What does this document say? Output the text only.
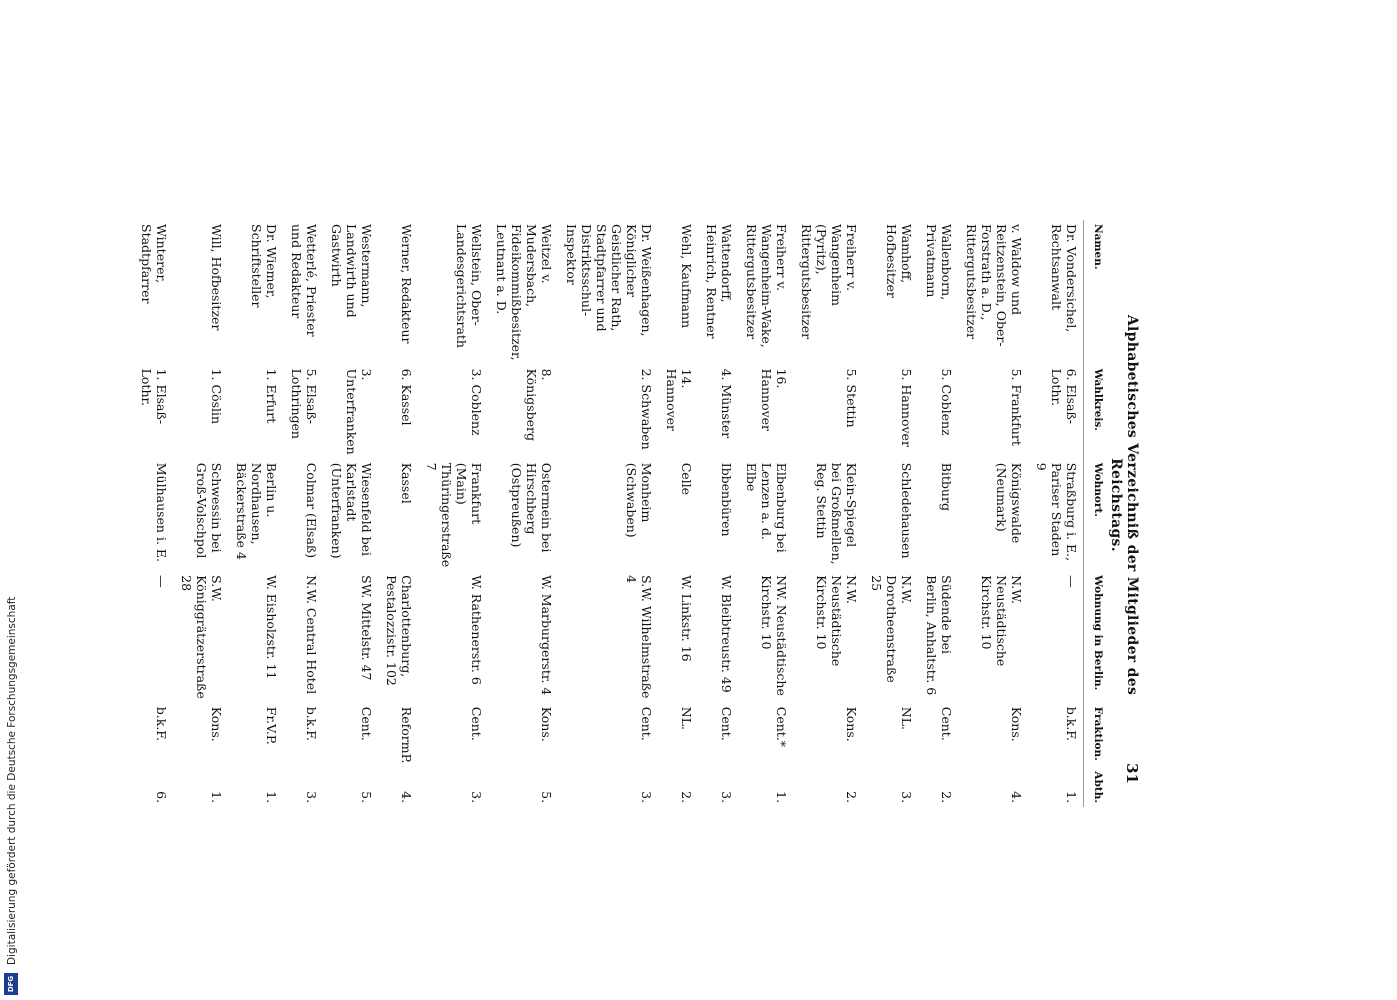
Digitalisierung gefördert durch die Deutsche Forschungsgemeinschaft
DFG
Alphabetisches Verzeichniß der Mitglieder des Reichstags.
31
Namen.	Wahlkreis.	Wohnort.	Wohnung in Berlin.	Fraktion.	Abth.
Dr. Vondersichel, Rechtsanwalt	6. Elsaß-Lothr.	Straßburg i. E., Pariser Staden 9	—	b.k.F.	1.
v. Waldow und Reitzenstein, Ober-Forstrath a. D., Rittergutsbesitzer	5. Frankfurt	Königswalde (Neumark)	N.W. Neustädtische Kirchstr. 10	Kons.	4.
Wallenborn, Privatmann	5. Coblenz	Bitburg	Südende bei Berlin, Anhaltstr. 6	Cent.	2.
Wamhoff, Hofbesitzer	5. Hannover	Schledehausen	N.W. Dorotheenstraße 25	NL.	3.
Freiherr v. Wangenheim (Pyritz), Rittergutsbesitzer	5. Stettin	Klein-Spiegel bei Großmellen, Reg. Stettin	N.W. Neustädtische Kirchstr. 10	Kons.	2.
Freiherr v. Wangenheim-Wake, Rittergutsbesitzer	16. Hannover	Elbenburg bei Lenzen a. d. Elbe	NW. Neustädtische Kirchstr. 10	Cent.*	1.
Wattendorff, Heinrich, Rentner	4. Münster	Ibbenbüren	W. Bleibtreustr. 49	Cent.	3.
Wehl, Kaufmann	14. Hannover	Celle	W. Linkstr. 16	NL.	2.
Dr. Weißenhagen, Königlicher Geistlicher Rath, Stadtpfarrer und Distriktsschul-Inspektor	2. Schwaben	Monheim (Schwaben)	S.W. Wilhelmstraße 4	Cent.	3.
Weitzel v. Mudersbach, Fideikommißbesitzer, Leutnant a. D.	8. Königsberg	Ostermein bei Hirschberg (Ostpreußen)	W. Marburgerstr. 4	Kons.	5.
Wellstein, Ober-Landesgerichtsrath	3. Coblenz	Frankfurt (Main) Thüringerstraße 7	W. Rathenerstr. 6	Cent.	3.
Werner, Redakteur	6. Kassel	Kassel	Charlottenburg, Pestalozzistr. 102	ReformP.	4.
Westermann, Landwirth und Gastwirth	3. Unterfranken	Wiesenfeld bei Karlstadt (Unterfranken)	SW. Mittelstr. 47	Cent.	5.
Wetterlé, Priester und Redakteur	5. Elsaß-Lothringen	Colmar (Elsaß)	N.W. Central Hotel	b.k.F.	3.
Dr. Wiemer, Schriftsteller	1. Erfurt	Berlin u. Nordhausen, Bäckerstraße 4	W. Eisholzstr. 11	Fr.V.P.	1.
Will, Hofbesitzer	1. Cöslin	Schwessin bei Groß-Volschpol	S.W. Königgrätzerstraße 28	Kons.	1.
Winterer, Stadtpfarrer	1. Elsaß-Lothr.	Mülhausen i. E.	—	b.k.F.	6.
